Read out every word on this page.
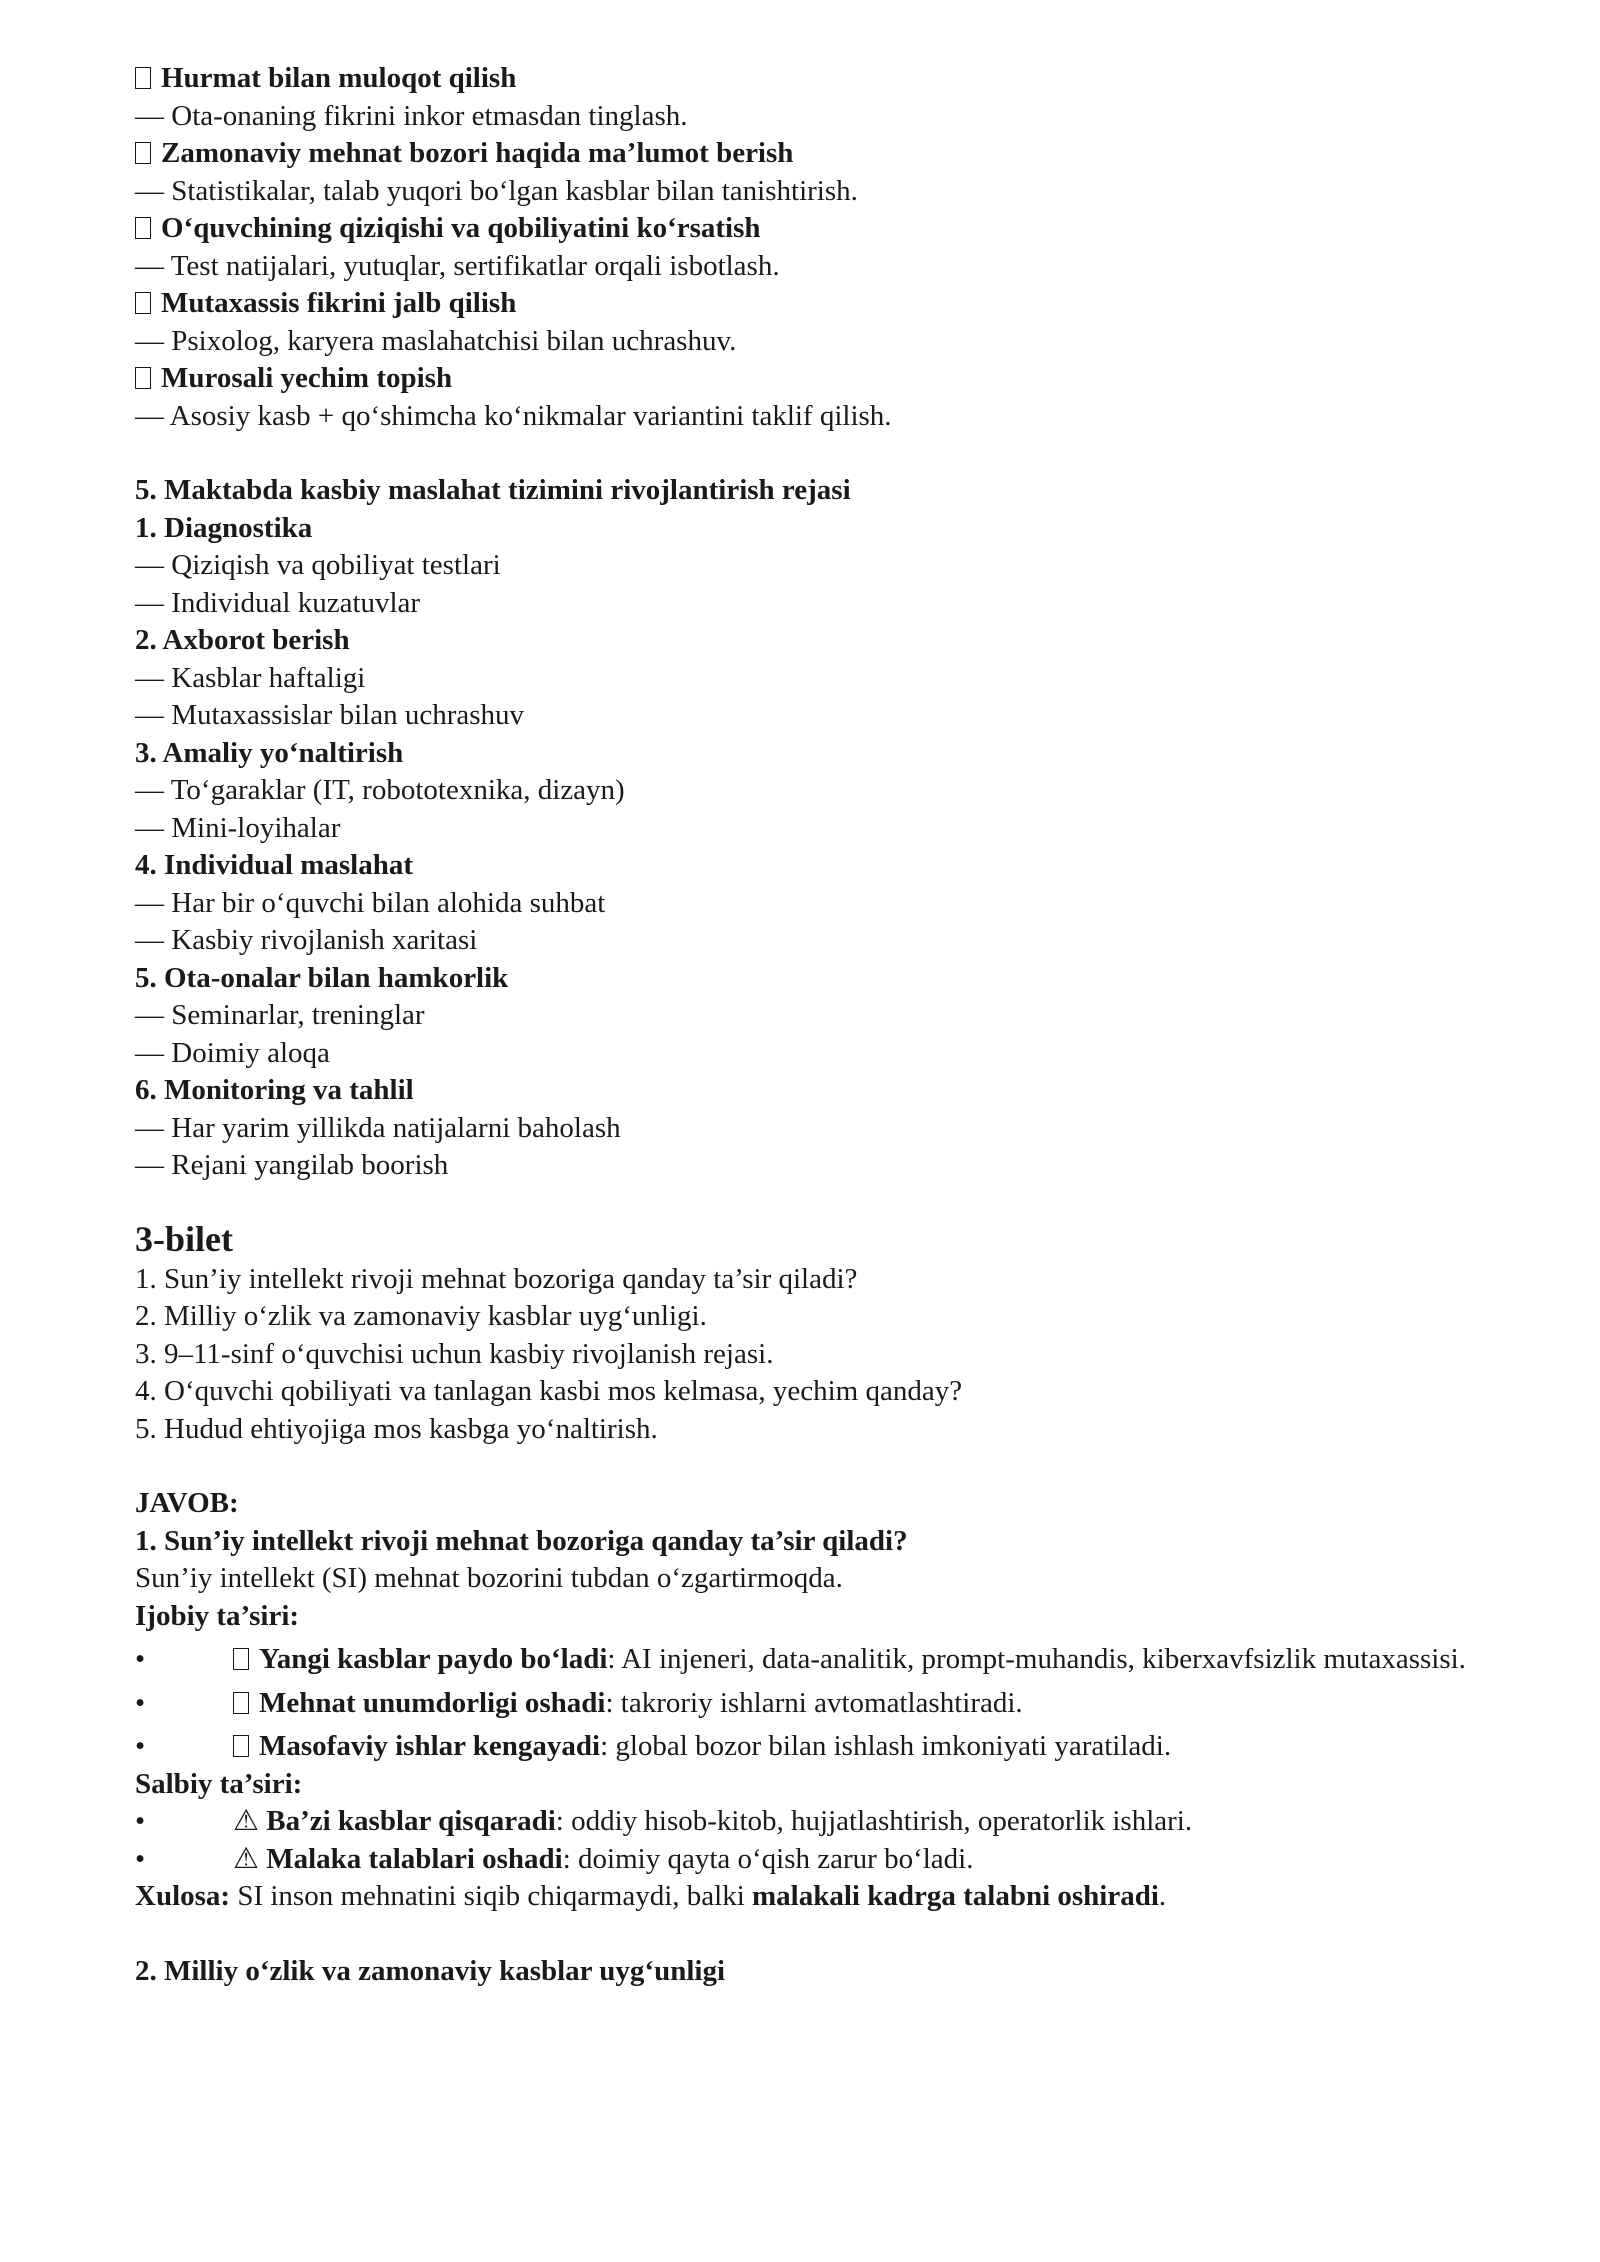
Hurmat bilan muloqot qilish
— Ota-onaning fikrini inkor etmasdan tinglash.
Zamonaviy mehnat bozori haqida ma’lumot berish
— Statistikalar, talab yuqori bo‘lgan kasblar bilan tanishtirish.
O‘quvchining qiziqishi va qobiliyatini ko‘rsatish
— Test natijalari, yutuqlar, sertifikatlar orqali isbotlash.
Mutaxassis fikrini jalb qilish
— Psixolog, karyera maslahatchisi bilan uchrashuv.
Murosali yechim topish
— Asosiy kasb + qo‘shimcha ko‘nikmalar variantini taklif qilish.
5. Maktabda kasbiy maslahat tizimini rivojlantirish rejasi
1. Diagnostika
— Qiziqish va qobiliyat testlari
— Individual kuzatuvlar
2. Axborot berish
— Kasblar haftaligi
— Mutaxassislar bilan uchrashuv
3. Amaliy yo‘naltirish
— To‘garaklar (IT, robototexnika, dizayn)
— Mini-loyihalar
4. Individual maslahat
— Har bir o‘quvchi bilan alohida suhbat
— Kasbiy rivojlanish xaritasi
5. Ota-onalar bilan hamkorlik
— Seminarlar, treninglar
— Doimiy aloqa
6. Monitoring va tahlil
— Har yarim yillikda natijalarni baholash
— Rejani yangilab boorish
3-bilet
1. Sun’iy intellekt rivoji mehnat bozoriga qanday ta’sir qiladi?
2. Milliy o‘zlik va zamonaviy kasblar uyg‘unligi.
3. 9–11-sinf o‘quvchisi uchun kasbiy rivojlanish rejasi.
4. O‘quvchi qobiliyati va tanlagan kasbi mos kelmasa, yechim qanday?
5. Hudud ehtiyojiga mos kasbga yo‘naltirish.
JAVOB:
1. Sun’iy intellekt rivoji mehnat bozoriga qanday ta’sir qiladi?
Sun’iy intellekt (SI) mehnat bozorini tubdan o‘zgartirmoqda.
Ijobiy ta’siri:
•	Yangi kasblar paydo bo‘ladi: AI injeneri, data-analitik, prompt-muhandis, kiberxavfsizlik mutaxassisi.
•	Mehnat unumdorligi oshadi: takroriy ishlarni avtomatlashtiradi.
•	Masofaviy ishlar kengayadi: global bozor bilan ishlash imkoniyati yaratiladi.
Salbiy ta’siri:
•	⚠ Ba’zi kasblar qisqaradi: oddiy hisob-kitob, hujjatlashtirish, operatorlik ishlari.
•	⚠ Malaka talablari oshadi: doimiy qayta o‘qish zarur bo‘ladi.
Xulosa: SI inson mehnatini siqib chiqarmaydi, balki malakali kadrga talabni oshiradi.
2. Milliy o‘zlik va zamonaviy kasblar uyg‘unligi
